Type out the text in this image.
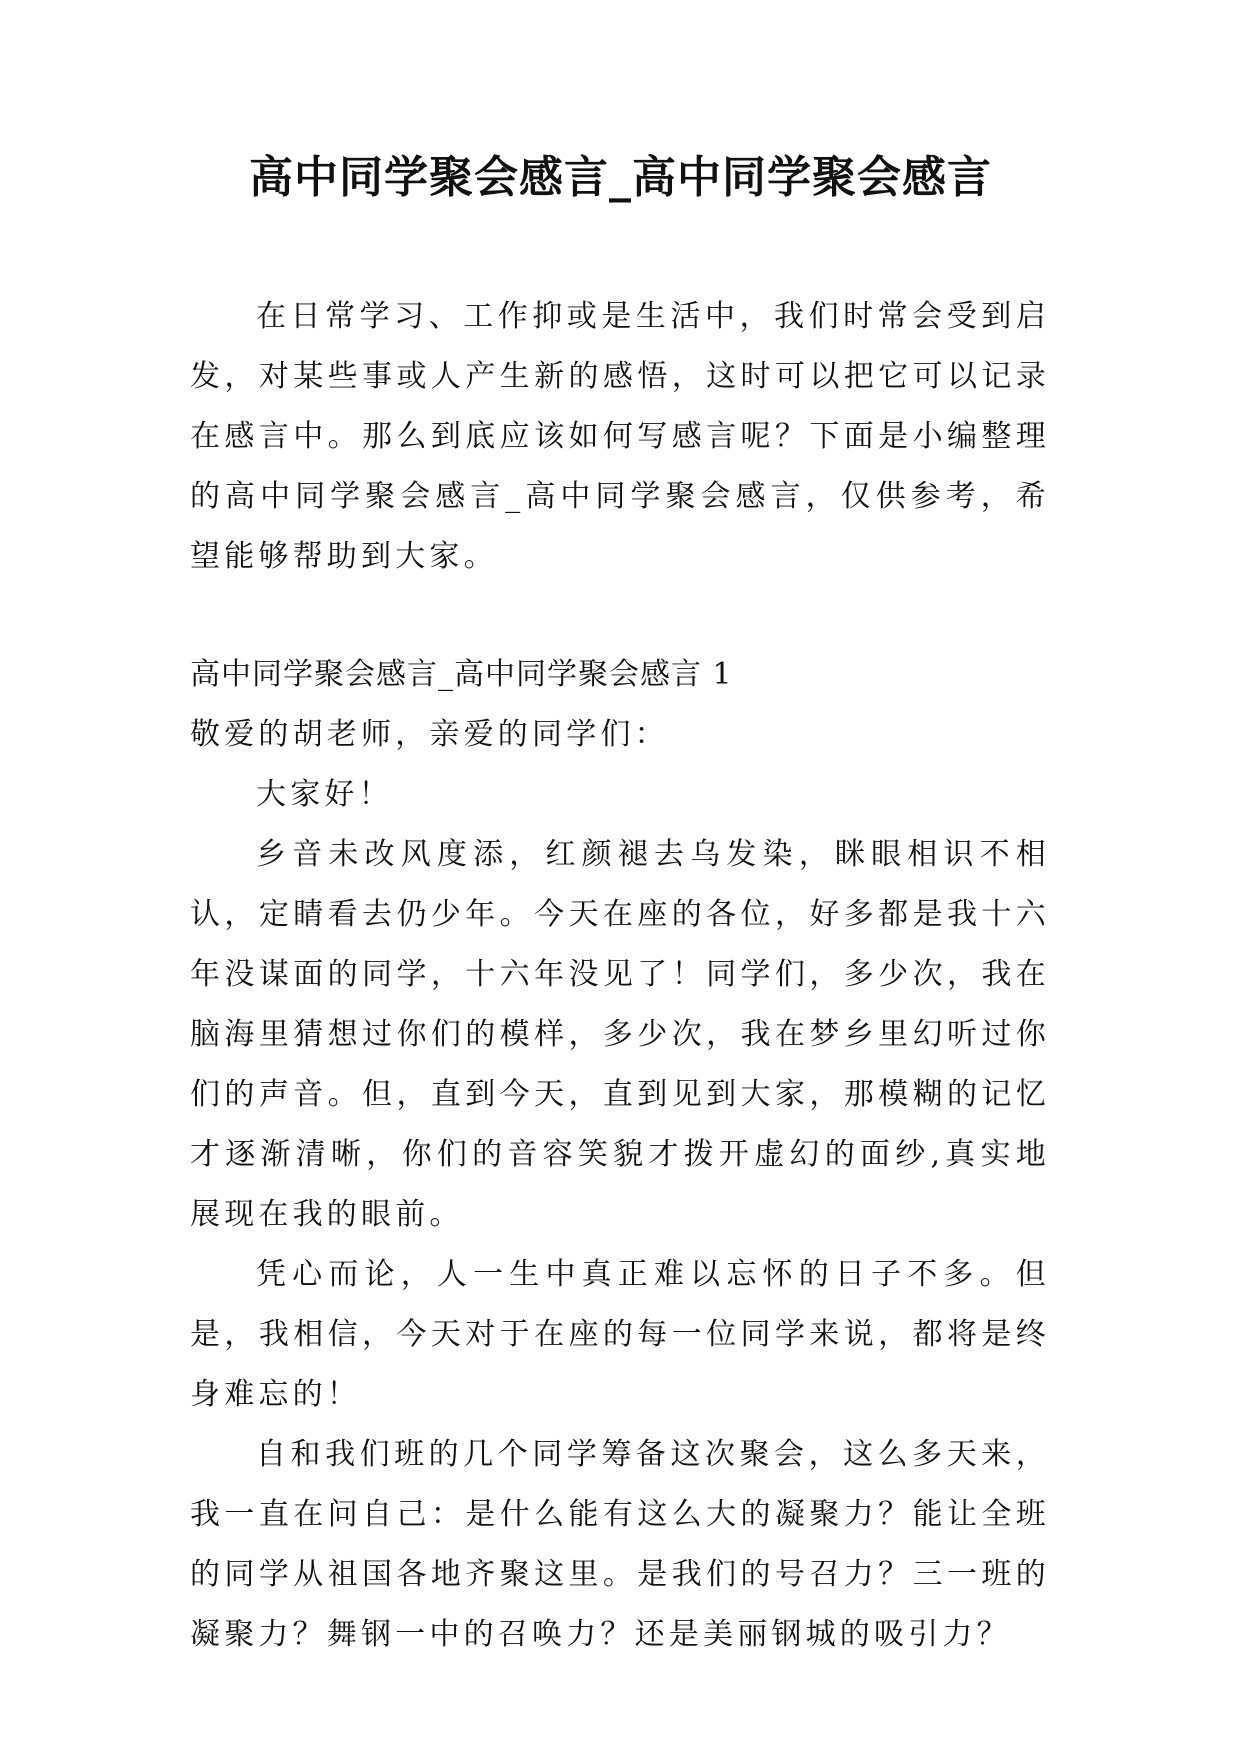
高中同学聚会感言_高中同学聚会感言

在日常学习、工作抑或是生活中，我们时常会受到启发，对某些事或人产生新的感悟，这时可以把它可以记录在感言中。那么到底应该如何写感言呢？下面是小编整理的高中同学聚会感言_高中同学聚会感言，仅供参考，希望能够帮助到大家。

高中同学聚会感言_高中同学聚会感言 1

敬爱的胡老师，亲爱的同学们：

大家好！

乡音未改风度添，红颜褪去乌发染，眯眼相识不相认，定睛看去仍少年。今天在座的各位，好多都是我十六年没谋面的同学，十六年没见了！同学们，多少次，我在脑海里猜想过你们的模样，多少次，我在梦乡里幻听过你们的声音。但，直到今天，直到见到大家，那模糊的记忆才逐渐清晰，你们的音容笑貌才拨开虚幻的面纱,真实地展现在我的眼前。

凭心而论，人一生中真正难以忘怀的日子不多。但是，我相信，今天对于在座的每一位同学来说，都将是终身难忘的！

自和我们班的几个同学筹备这次聚会，这么多天来，我一直在问自己：是什么能有这么大的凝聚力？能让全班的同学从祖国各地齐聚这里。是我们的号召力？三一班的凝聚力？舞钢一中的召唤力？还是美丽钢城的吸引力？
